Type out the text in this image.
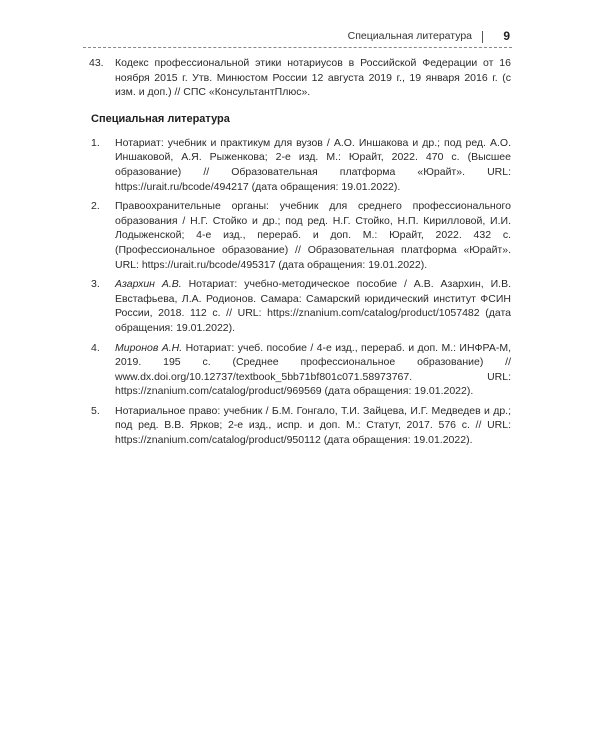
Специальная литература	9
43. Кодекс профессиональной этики нотариусов в Российской Федерации от 16 ноября 2015 г. Утв. Минюстом России 12 августа 2019 г., 19 января 2016 г. (с изм. и доп.) // СПС «КонсультантПлюс».
Специальная литература
1. Нотариат: учебник и практикум для вузов / А.О. Иншакова и др.; под ред. А.О. Иншаковой, А.Я. Рыженкова; 2-е изд. М.: Юрайт, 2022. 470 с. (Высшее образование) // Образовательная платформа «Юрайт». URL: https://urait.ru/bcode/494217 (дата обращения: 19.01.2022).
2. Правоохранительные органы: учебник для среднего профессионального образования / Н.Г. Стойко и др.; под ред. Н.Г. Стойко, Н.П. Кирилловой, И.И. Лодыженской; 4-е изд., перераб. и доп. М.: Юрайт, 2022. 432 с. (Профессиональное образование) // Образовательная платформа «Юрайт». URL: https://urait.ru/bcode/495317 (дата обращения: 19.01.2022).
3. Азархин А.В. Нотариат: учебно-методическое пособие / А.В. Азархин, И.В. Евстафьева, Л.А. Родионов. Самара: Самарский юридический институт ФСИН России, 2018. 112 с. // URL: https://znanium.com/catalog/product/1057482 (дата обращения: 19.01.2022).
4. Миронов А.Н. Нотариат: учеб. пособие / 4-е изд., перераб. и доп. М.: ИНФРА-М, 2019. 195 с. (Среднее профессиональное образование) // www.dx.doi.org/10.12737/textbook_5bb71bf801c071.58973767. URL: https://znanium.com/catalog/product/969569 (дата обращения: 19.01.2022).
5. Нотариальное право: учебник / Б.М. Гонгало, Т.И. Зайцева, И.Г. Медведев и др.; под ред. В.В. Ярков; 2-е изд., испр. и доп. М.: Статут, 2017. 576 с. // URL: https://znanium.com/catalog/product/950112 (дата обращения: 19.01.2022).
